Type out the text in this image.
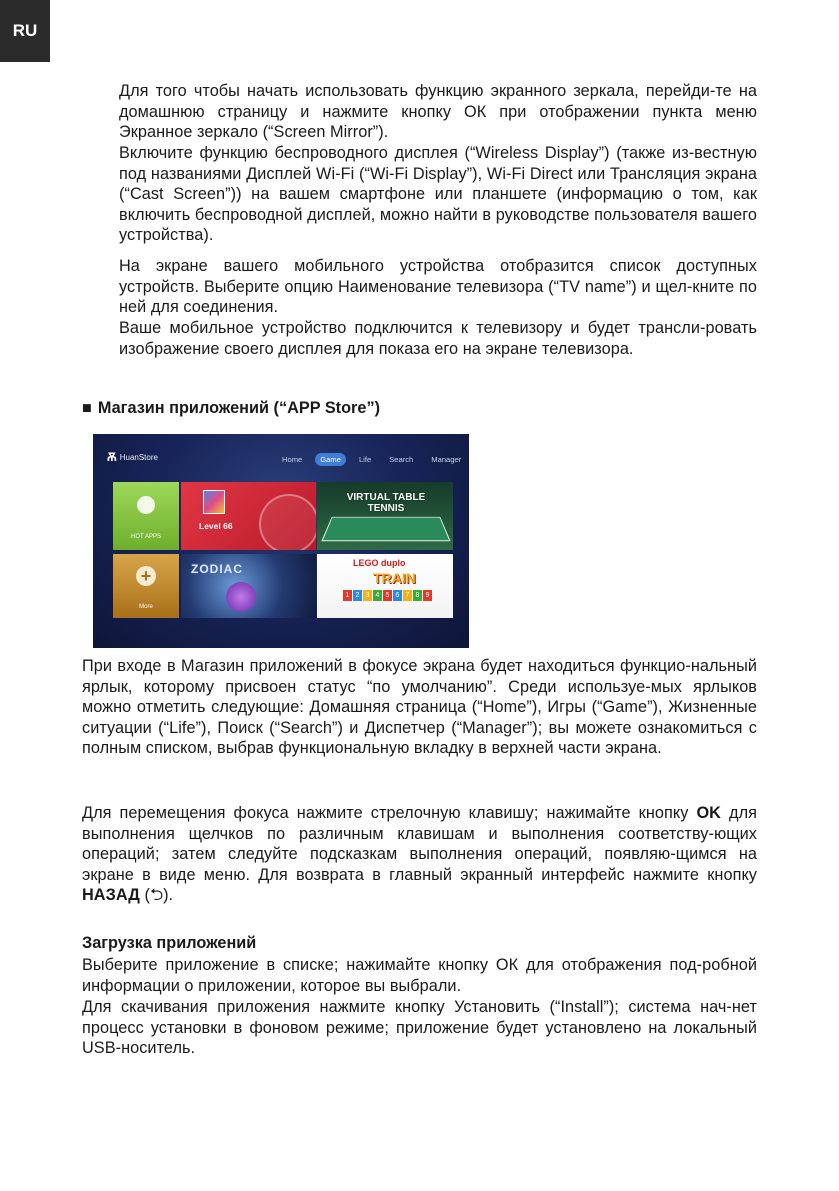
RU

Для того чтобы начать использовать функцию экранного зеркала, перейди-те на домашнюю страницу и нажмите кнопку ОК при отображении пункта меню Экранное зеркало (“Screen Mirror”).

Включите функцию беспроводного дисплея (“Wireless Display”) (также из-вестную под названиями Дисплей Wi-Fi (“Wi-Fi Display”), Wi-Fi Direct или Трансляция экрана (“Cast Screen”)) на вашем смартфоне или планшете (информацию о том, как включить беспроводной дисплей, можно найти в руководстве пользователя вашего устройства).

На экране вашего мобильного устройства отобразится список доступных устройств. Выберите опцию Наименование телевизора (“TV name”) и щел-кните по ней для соединения.

Ваше мобильное устройство подключится к телевизору и будет трансли-ровать изображение своего дисплея для показа его на экране телевизора.

■ Магазин приложений (“APP Store”)

Ѫ HuanStore	Home	Game	Life	Search	Manager
HOT APPS
+
More
Level 66
VIRTUAL TABLE TENNIS
ZODIAC	LEGO duplo
TRAIN
1 2 3 4 5 6 7 8 9

При входе в Магазин приложений в фокусе экрана будет находиться функцио-нальный ярлык, которому присвоен статус “по умолчанию”. Среди используе-мых ярлыков можно отметить следующие: Домашняя страница (“Home”), Игры (“Game”), Жизненные ситуации (“Life”), Поиск (“Search”) и Диспетчер (“Manager”); вы можете ознакомиться с полным списком, выбрав функциональную вкладку в верхней части экрана.

Для перемещения фокуса нажмите стрелочную клавишу; нажимайте кнопку OK для выполнения щелчков по различным клавишам и выполнения соответству-ющих операций; затем следуйте подсказкам выполнения операций, появляю-щимся на экране в виде меню. Для возврата в главный экранный интерфейс нажмите кнопку НАЗАД (⮌).

Загрузка приложений

Выберите приложение в списке; нажимайте кнопку ОК для отображения под-робной информации о приложении, которое вы выбрали.

Для скачивания приложения нажмите кнопку Установить (“Install”); система нач-нет процесс установки в фоновом режиме; приложение будет установлено на локальный USB-носитель.
